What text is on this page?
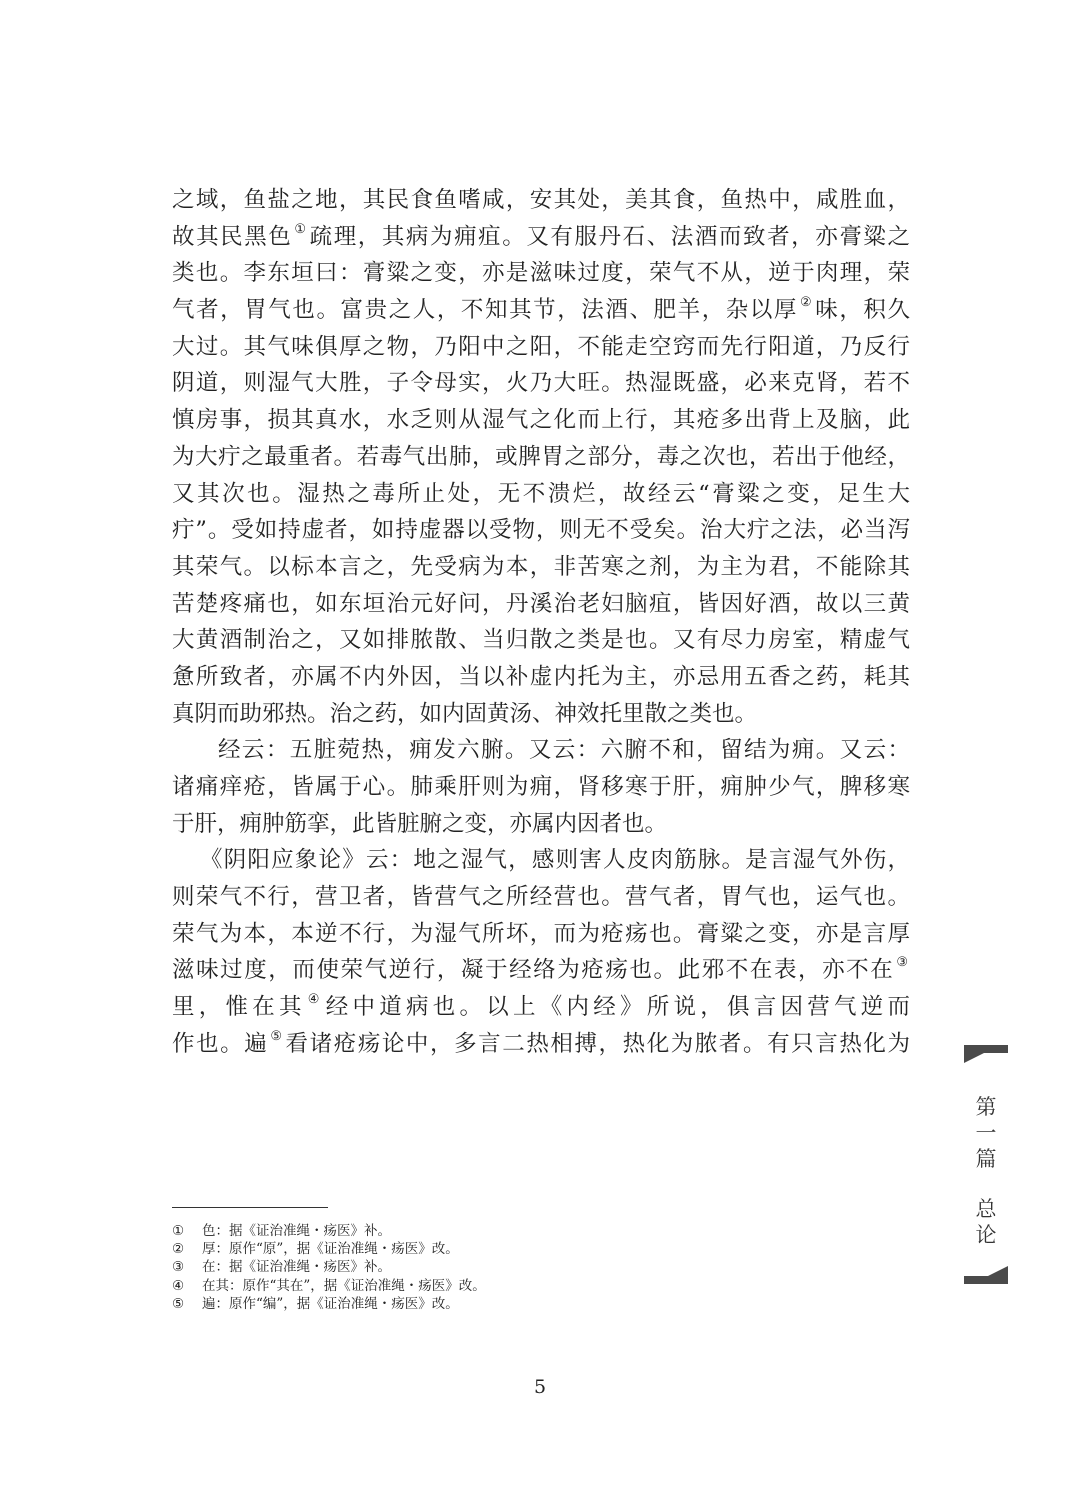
之域，鱼盐之地，其民食鱼嗜咸，安其处，美其食，鱼热中，咸胜血，
故其民黑色 ①疏理，其病为痈疽。又有服丹石、法酒而致者，亦膏粱之
类也。李东垣曰：膏粱之变，亦是滋味过度，荣气不从，逆于肉理，荣
气者，胃气也。富贵之人，不知其节，法酒、肥羊，杂以厚 ②味，积久
大过。其气味俱厚之物，乃阳中之阳，不能走空窍而先行阳道，乃反行
阴道，则湿气大胜，子令母实，火乃大旺。热湿既盛，必来克肾，若不
慎房事，损其真水，水乏则从湿气之化而上行，其疮多出背上及脑，此
为大疔之最重者。若毒气出肺，或脾胃之部分，毒之次也，若出于他经，
又其次也。湿热之毒所止处，无不溃烂，故经云“膏粱之变，足生大
疔”。受如持虚者，如持虚器以受物，则无不受矣。治大疔之法，必当泻
其荣气。以标本言之，先受病为本，非苦寒之剂，为主为君，不能除其
苦楚疼痛也，如东垣治元好问，丹溪治老妇脑疽，皆因好酒，故以三黄
大黄酒制治之，又如排脓散、当归散之类是也。又有尽力房室，精虚气
惫所致者，亦属不内外因，当以补虚内托为主，亦忌用五香之药，耗其
真阴而助邪热。治之药，如内固黄汤、神效托里散之类也。
经云：五脏菀热，痈发六腑。又云：六腑不和，留结为痈。又云：
诸痛痒疮，皆属于心。肺乘肝则为痈，肾移寒于肝，痈肿少气，脾移寒
于肝，痈肿筋挛，此皆脏腑之变，亦属内因者也。
《阴阳应象论》云：地之湿气，感则害人皮肉筋脉。是言湿气外伤，
则荣气不行，营卫者，皆营气之所经营也。营气者，胃气也，运气也。
荣气为本，本逆不行，为湿气所坏，而为疮疡也。膏粱之变，亦是言厚
滋味过度，而使荣气逆行，凝于经络为疮疡也。此邪不在表，亦不在 ③
里，惟在其 ④经中道病也。以上《内经》所说，俱言因营气逆而
作也。遍 ⑤看诸疮疡论中，多言二热相搏，热化为脓者。有只言热化为
① 色：据《证治准绳・疡医》补。
② 厚：原作“原”，据《证治准绳・疡医》改。
③ 在：据《证治准绳・疡医》补。
④ 在其：原作“其在”，据《证治准绳・疡医》改。
⑤ 遍：原作“编”，据《证治准绳・疡医》改。
5
第
一
篇
总
论
